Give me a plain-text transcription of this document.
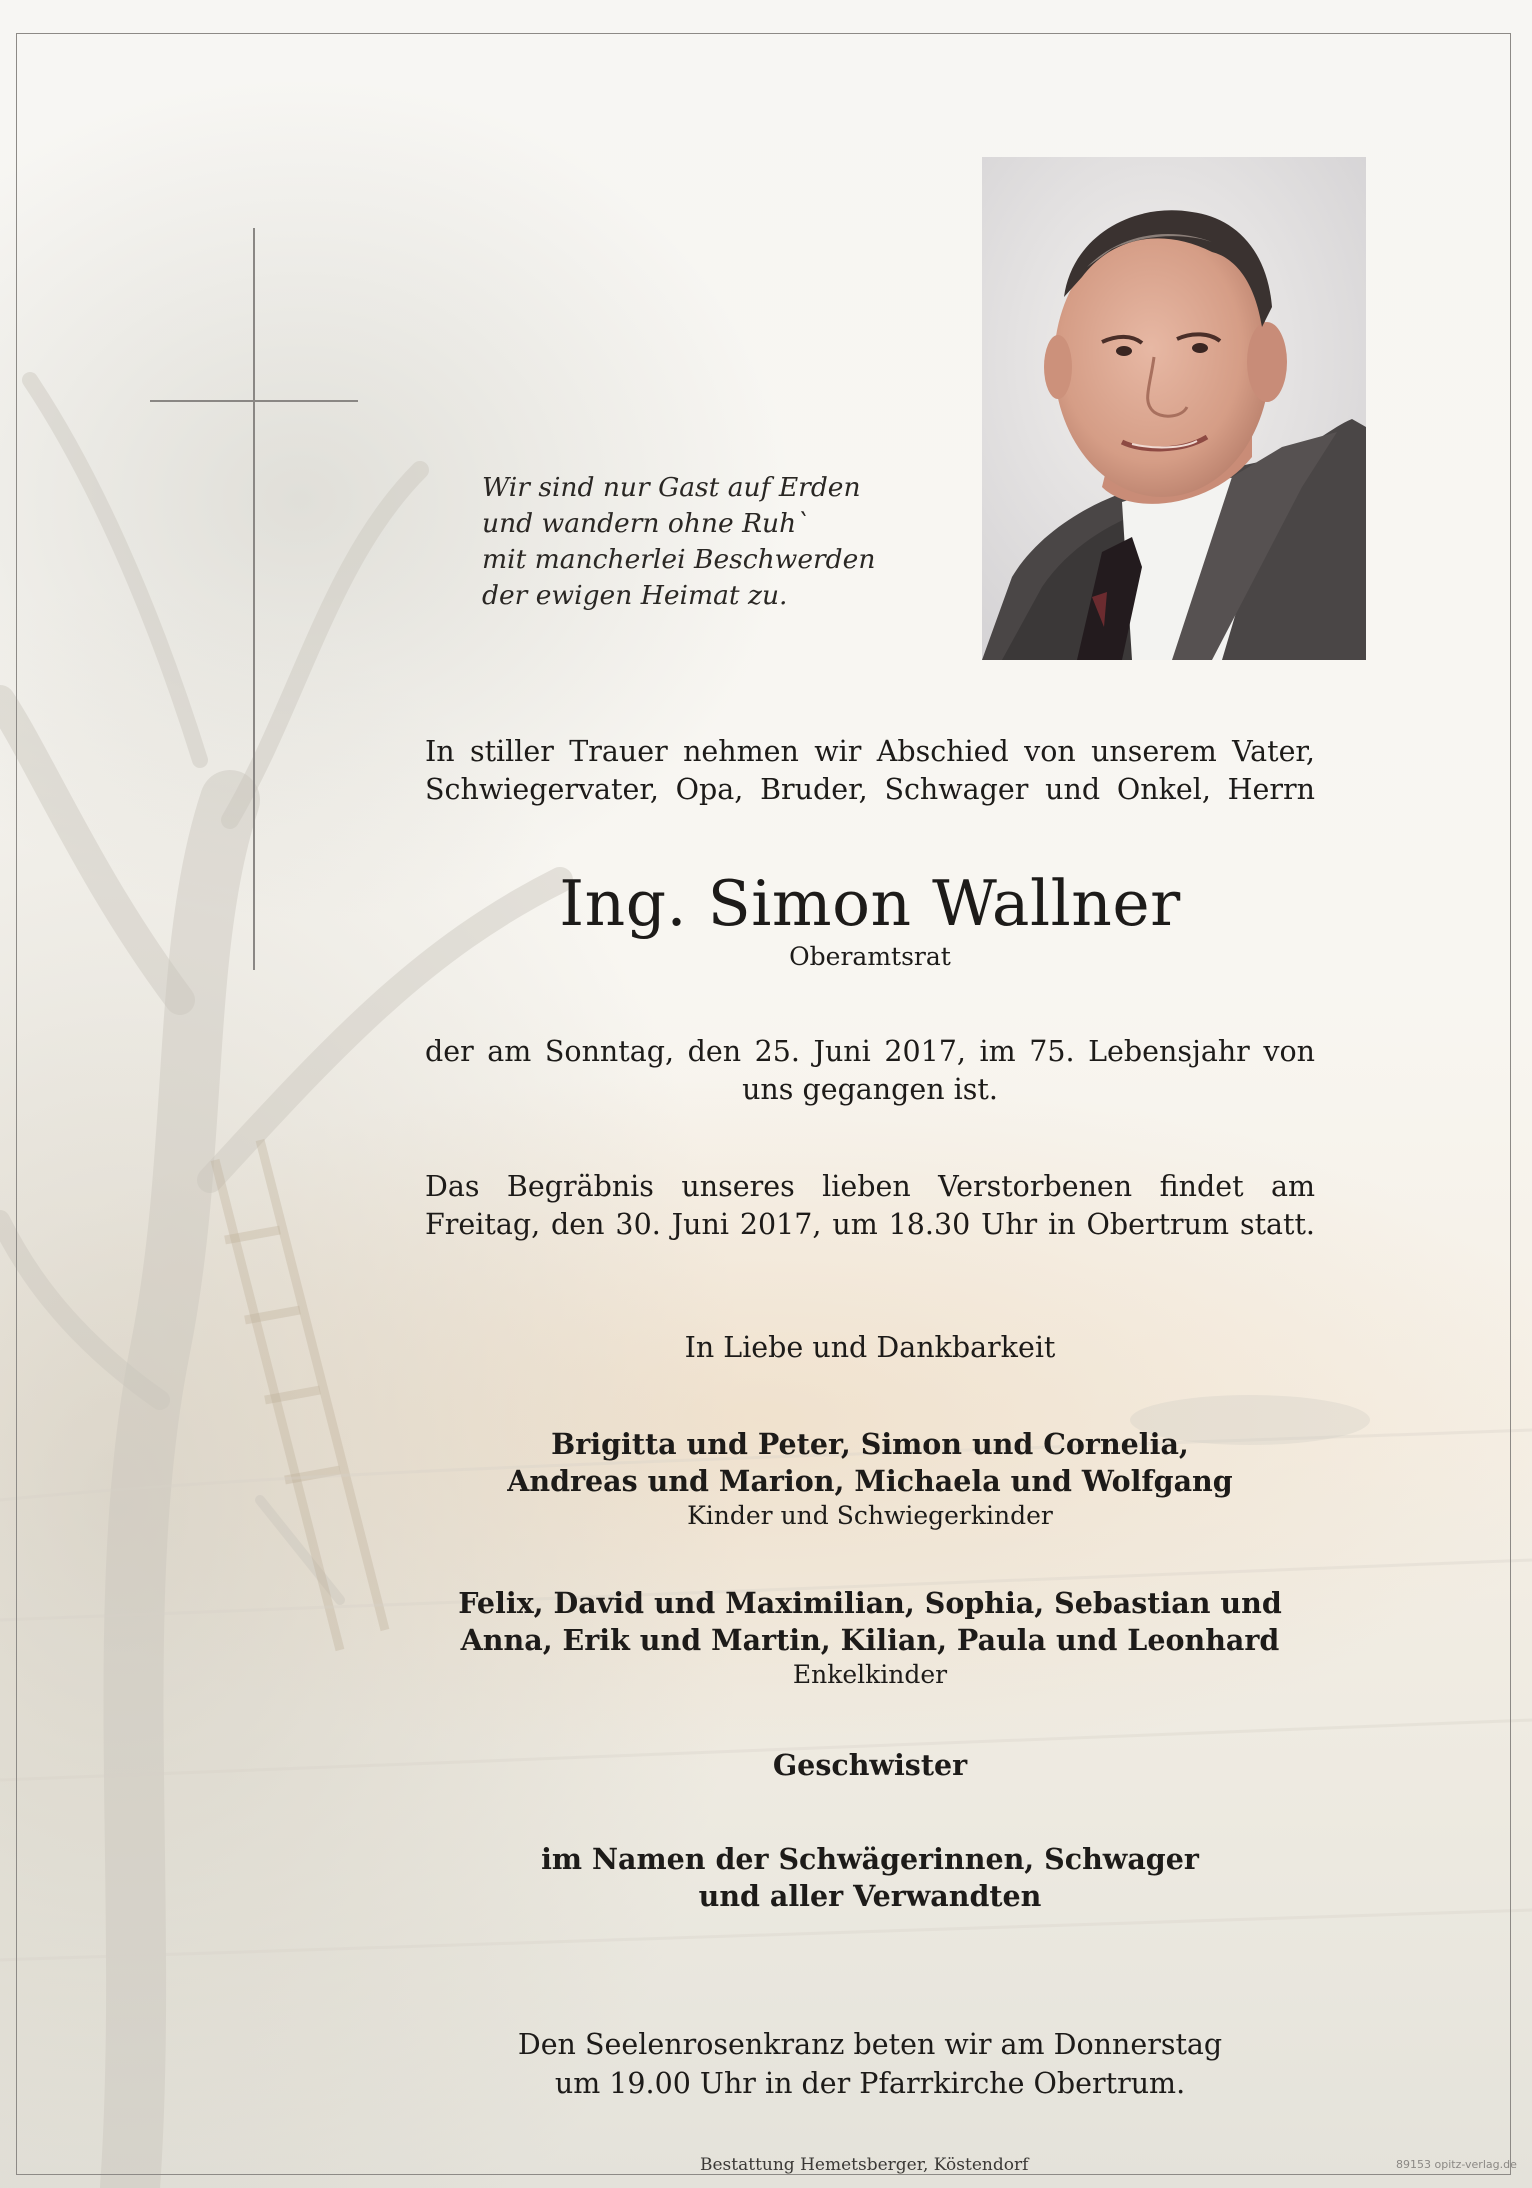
Wir sind nur Gast auf Erden
und wandern ohne Ruh`
mit mancherlei Beschwerden
der ewigen Heimat zu.
In stiller Trauer nehmen wir Abschied von unserem Vater,
Schwiegervater, Opa, Bruder, Schwager und Onkel, Herrn
Ing. Simon Wallner
Oberamtsrat
der am Sonntag, den 25. Juni 2017, im 75. Lebensjahr von
uns gegangen ist.
Das Begräbnis unseres lieben Verstorbenen findet am
Freitag, den 30. Juni 2017, um 18.30 Uhr in Obertrum statt.
In Liebe und Dankbarkeit
Brigitta und Peter, Simon und Cornelia,
Andreas und Marion, Michaela und Wolfgang
Kinder und Schwiegerkinder
Felix, David und Maximilian, Sophia, Sebastian und
Anna, Erik und Martin, Kilian, Paula und Leonhard
Enkelkinder
Geschwister
im Namen der Schwägerinnen, Schwager
und aller Verwandten
Den Seelenrosenkranz beten wir am Donnerstag
um 19.00 Uhr in der Pfarrkirche Obertrum.
Bestattung Hemetsberger, Köstendorf	89153 opitz-verlag.de
